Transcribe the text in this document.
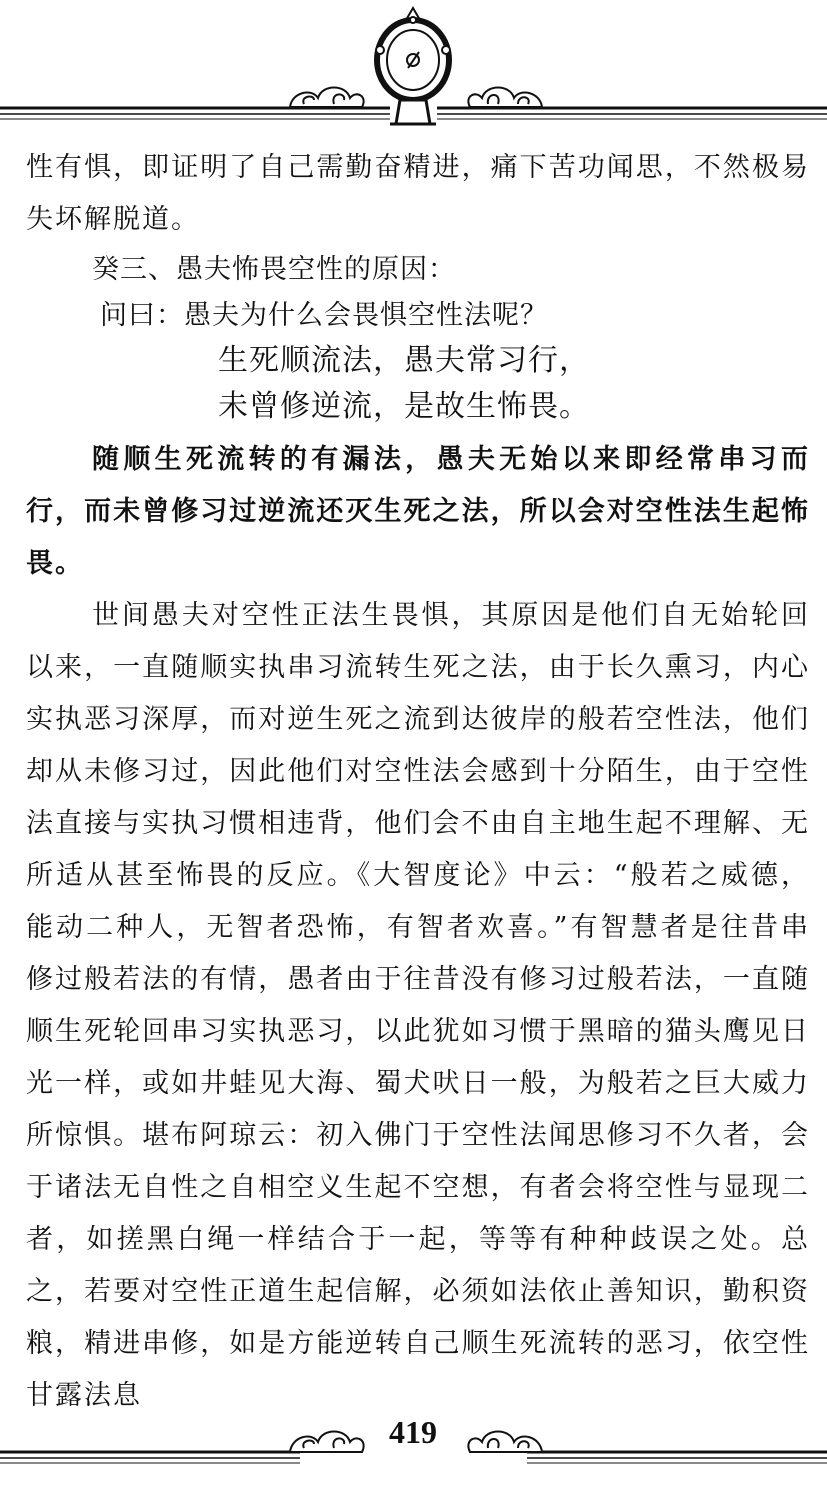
性有惧，即证明了自己需勤奋精进，痛下苦功闻思，不然极易失坏解脱道。

癸三、愚夫怖畏空性的原因：

问曰：愚夫为什么会畏惧空性法呢？

生死顺流法，愚夫常习行，

未曾修逆流，是故生怖畏。

随顺生死流转的有漏法，愚夫无始以来即经常串习而行，而未曾修习过逆流还灭生死之法，所以会对空性法生起怖畏。

世间愚夫对空性正法生畏惧，其原因是他们自无始轮回以来，一直随顺实执串习流转生死之法，由于长久熏习，内心实执恶习深厚，而对逆生死之流到达彼岸的般若空性法，他们却从未修习过，因此他们对空性法会感到十分陌生，由于空性法直接与实执习惯相违背，他们会不由自主地生起不理解、无所适从甚至怖畏的反应。《大智度论》中云：“般若之威德，能动二种人，无智者恐怖，有智者欢喜。”有智慧者是往昔串修过般若法的有情，愚者由于往昔没有修习过般若法，一直随顺生死轮回串习实执恶习，以此犹如习惯于黑暗的猫头鹰见日光一样，或如井蛙见大海、蜀犬吠日一般，为般若之巨大威力所惊惧。堪布阿琼云：初入佛门于空性法闻思修习不久者，会于诸法无自性之自相空义生起不空想，有者会将空性与显现二者，如搓黑白绳一样结合于一起，等等有种种歧误之处。总之，若要对空性正道生起信解，必须如法依止善知识，勤积资粮，精进串修，如是方能逆转自己顺生死流转的恶习，依空性甘露法息

419
